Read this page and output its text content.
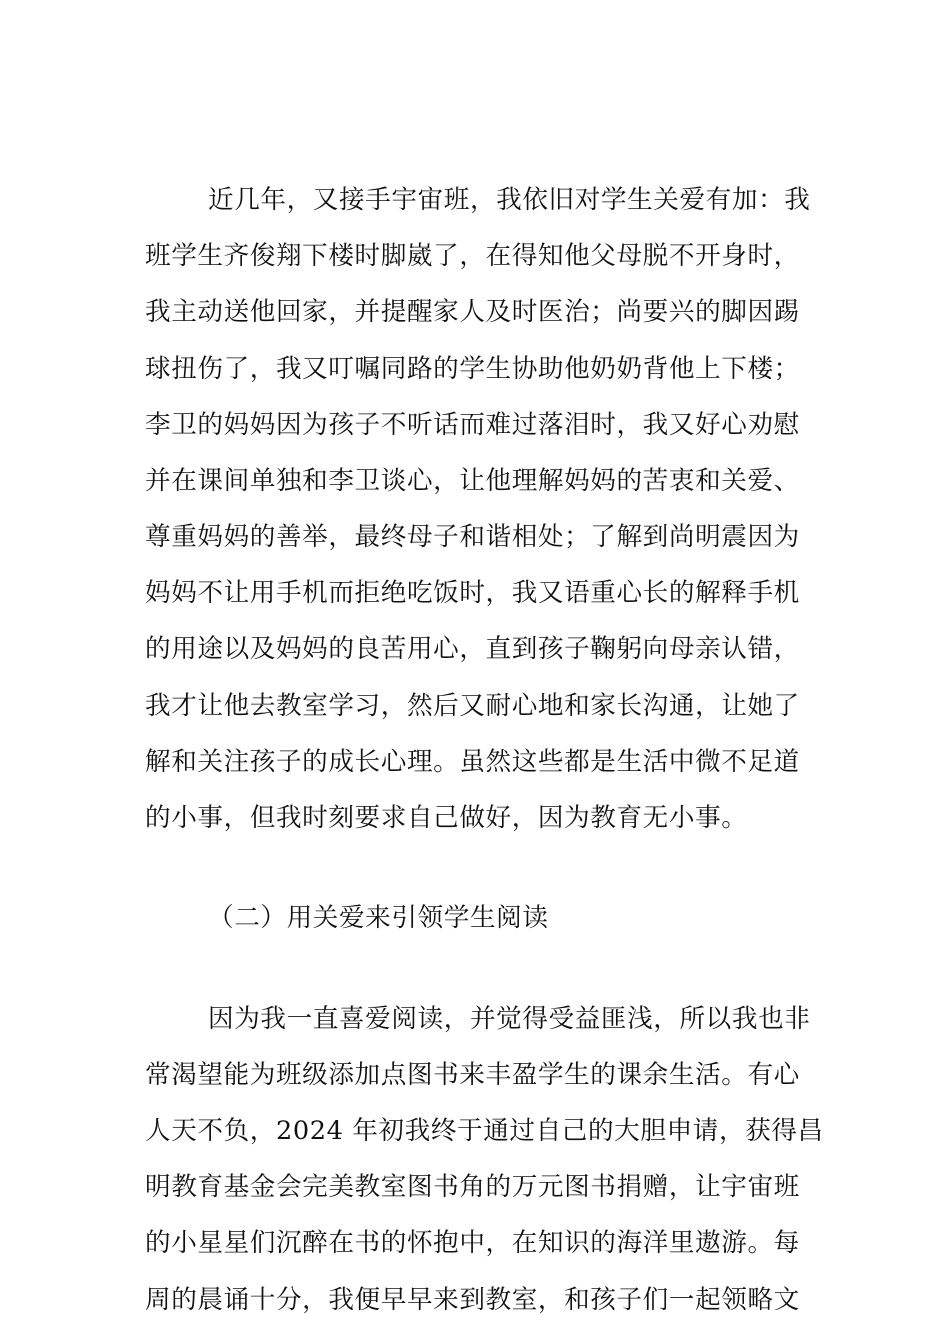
近几年，又接手宇宙班，我依旧对学生关爱有加：我
班学生齐俊翔下楼时脚崴了，在得知他父母脱不开身时，
我主动送他回家，并提醒家人及时医治；尚要兴的脚因踢
球扭伤了，我又叮嘱同路的学生协助他奶奶背他上下楼；
李卫的妈妈因为孩子不听话而难过落泪时，我又好心劝慰
并在课间单独和李卫谈心，让他理解妈妈的苦衷和关爱、
尊重妈妈的善举，最终母子和谐相处；了解到尚明震因为
妈妈不让用手机而拒绝吃饭时，我又语重心长的解释手机
的用途以及妈妈的良苦用心，直到孩子鞠躬向母亲认错，
我才让他去教室学习，然后又耐心地和家长沟通，让她了
解和关注孩子的成长心理。虽然这些都是生活中微不足道
的小事，但我时刻要求自己做好，因为教育无小事。
（二）用关爱来引领学生阅读
因为我一直喜爱阅读，并觉得受益匪浅，所以我也非
常渴望能为班级添加点图书来丰盈学生的课余生活。有心
人天不负，2024 年初我终于通过自己的大胆申请，获得昌
明教育基金会完美教室图书角的万元图书捐赠，让宇宙班
的小星星们沉醉在书的怀抱中，在知识的海洋里遨游。每
周的晨诵十分，我便早早来到教室，和孩子们一起领略文
